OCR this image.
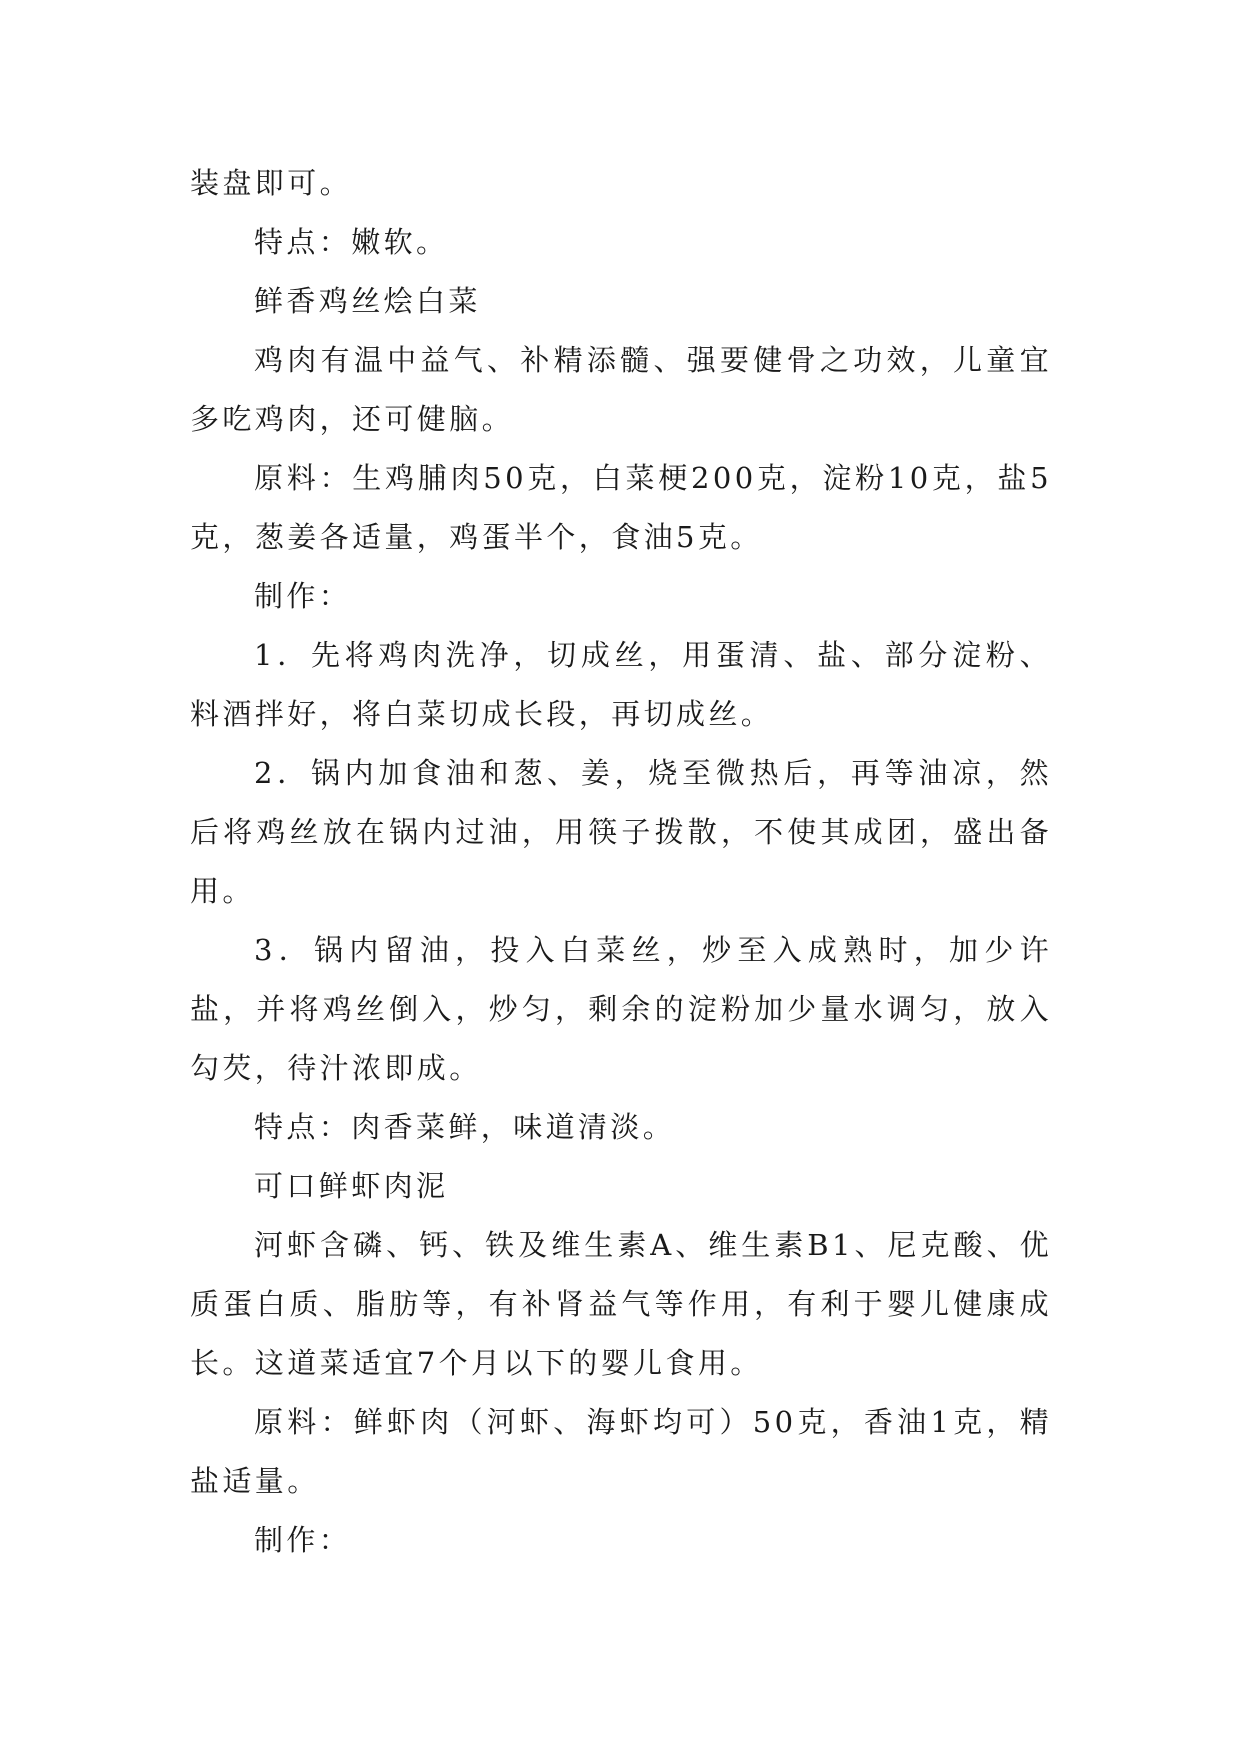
装盘即可。

特点：嫩软。

鲜香鸡丝烩白菜

鸡肉有温中益气、补精添髓、强要健骨之功效，儿童宜多吃鸡肉，还可健脑。

原料：生鸡脯肉50克，白菜梗200克，淀粉10克，盐5克，葱姜各适量，鸡蛋半个，食油5克。

制作：

1．先将鸡肉洗净，切成丝，用蛋清、盐、部分淀粉、料酒拌好，将白菜切成长段，再切成丝。

2．锅内加食油和葱、姜，烧至微热后，再等油凉，然后将鸡丝放在锅内过油，用筷子拨散，不使其成团，盛出备用。

3．锅内留油，投入白菜丝，炒至入成熟时，加少许盐，并将鸡丝倒入，炒匀，剩余的淀粉加少量水调匀，放入勾芡，待汁浓即成。

特点：肉香菜鲜，味道清淡。

可口鲜虾肉泥

河虾含磷、钙、铁及维生素A、维生素B1、尼克酸、优质蛋白质、脂肪等，有补肾益气等作用，有利于婴儿健康成长。这道菜适宜7个月以下的婴儿食用。

原料：鲜虾肉（河虾、海虾均可）50克，香油1克，精盐适量。

制作：
